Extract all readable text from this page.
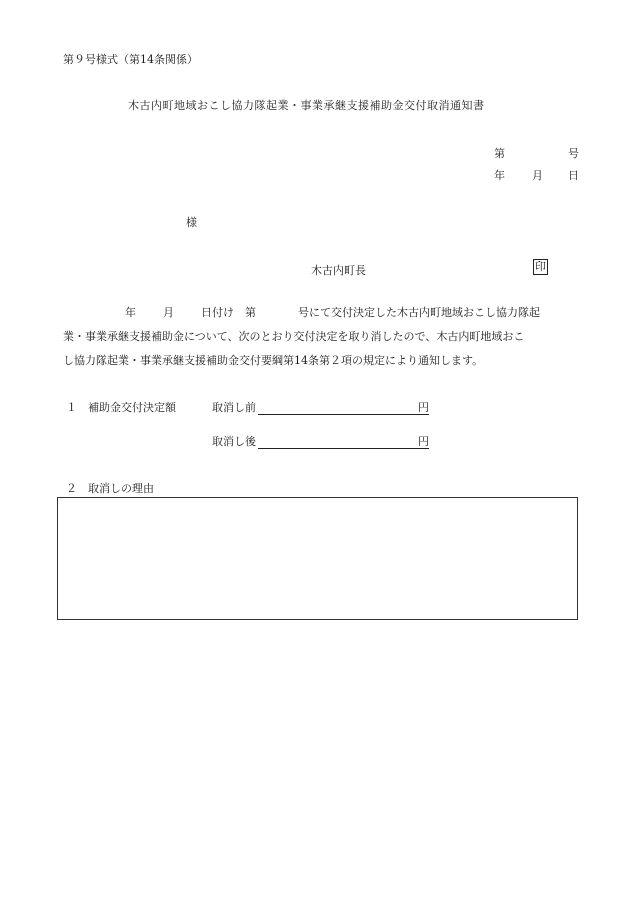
第９号様式（第14条関係）
木古内町地域おこし協力隊起業・事業承継支援補助金交付取消通知書
第	号
年 月 日
様
木古内町長	印
年 月 日付け　第	号にて交付決定した木古内町地域おこし協力隊起
業・事業承継支援補助金について、次のとおり交付決定を取り消したので、木古内町地域おこ
し協力隊起業・事業承継支援補助金交付要綱第14条第２項の規定により通知します。
１ 補助金交付決定額	取消し前	円
取消し後	円
２ 取消しの理由
